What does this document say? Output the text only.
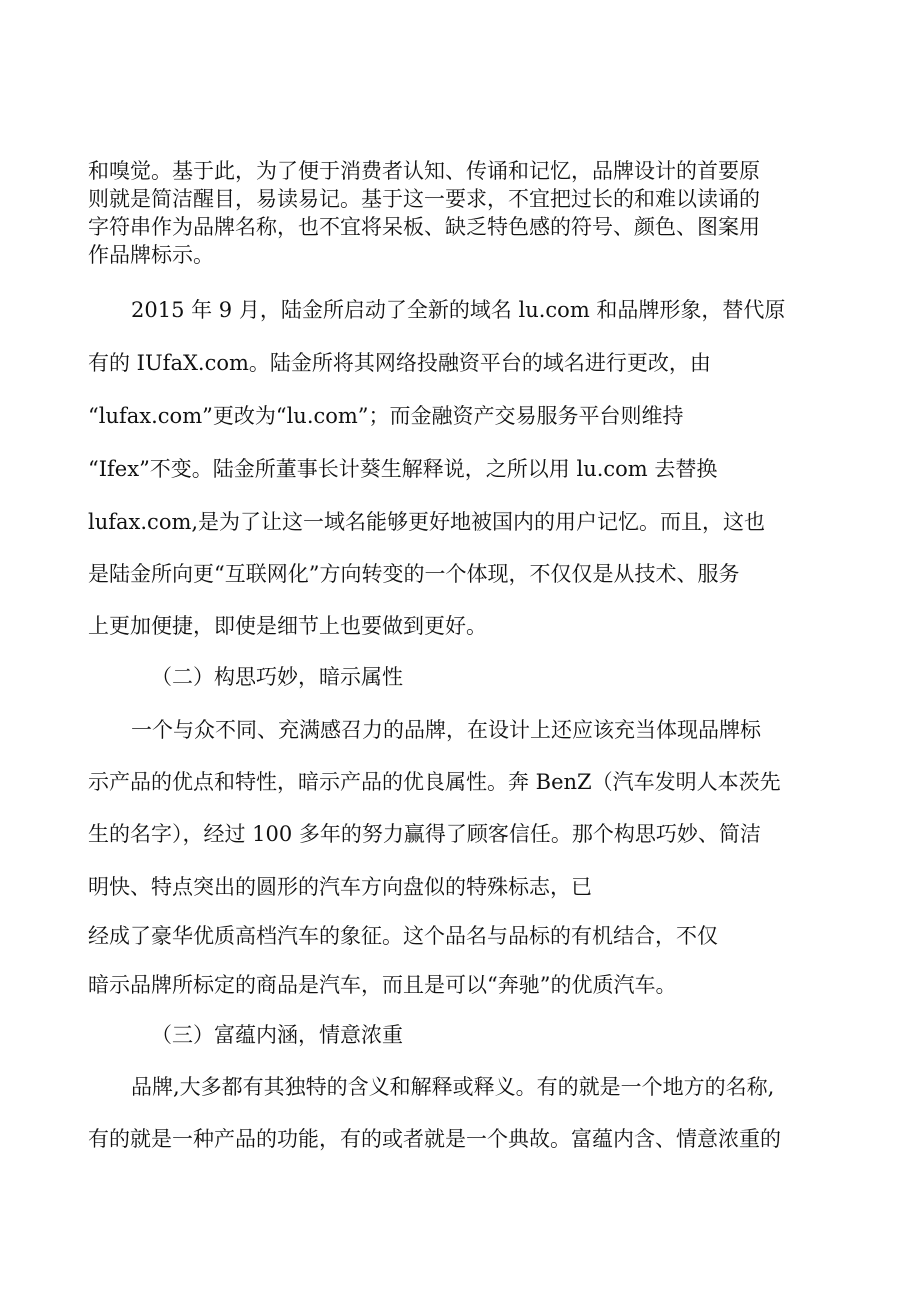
和嗅觉。基于此，为了便于消费者认知、传诵和记忆，品牌设计的首要原
则就是简洁醒目，易读易记。基于这一要求，不宜把过长的和难以读诵的
字符串作为品牌名称，也不宜将呆板、缺乏特色感的符号、颜色、图案用
作品牌标示。
2015 年 9 月，陆金所启动了全新的域名 lu.com 和品牌形象，替代原
有的 IUfaX.com。陆金所将其网络投融资平台的域名进行更改，由
“lufax.com”更改为“lu.com”；而金融资产交易服务平台则维持
“Ifex”不变。陆金所董事长计葵生解释说，之所以用 lu.com 去替换
lufax.com,是为了让这一域名能够更好地被国内的用户记忆。而且，这也
是陆金所向更“互联网化”方向转变的一个体现，不仅仅是从技术、服务
上更加便捷，即使是细节上也要做到更好。
（二）构思巧妙，暗示属性
一个与众不同、充满感召力的品牌，在设计上还应该充当体现品牌标
示产品的优点和特性，暗示产品的优良属性。奔 BenZ（汽车发明人本茨先
生的名字），经过 100 多年的努力赢得了顾客信任。那个构思巧妙、简洁
明快、特点突出的圆形的汽车方向盘似的特殊标志，已
经成了豪华优质高档汽车的象征。这个品名与品标的有机结合，不仅
暗示品牌所标定的商品是汽车，而且是可以“奔驰”的优质汽车。
（三）富蕴内涵，情意浓重
品牌,大多都有其独特的含义和解释或释义。有的就是一个地方的名称,
有的就是一种产品的功能，有的或者就是一个典故。富蕴内含、情意浓重的
